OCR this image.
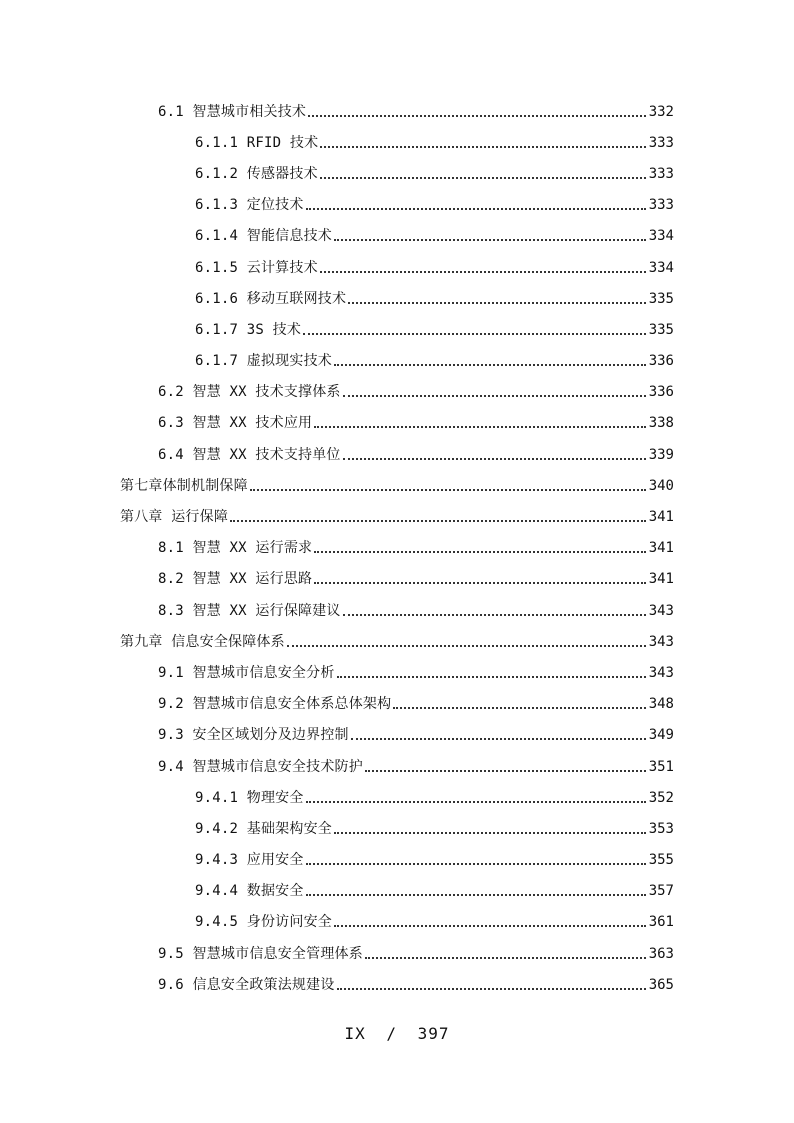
6.1 智慧城市相关技术	332
6.1.1 RFID 技术	333
6.1.2 传感器技术	333
6.1.3 定位技术	333
6.1.4 智能信息技术	334
6.1.5 云计算技术	334
6.1.6 移动互联网技术	335
6.1.7 3S 技术	335
6.1.7 虚拟现实技术	336
6.2 智慧 XX 技术支撑体系	336
6.3 智慧 XX 技术应用	338
6.4 智慧 XX 技术支持单位	339
第七章体制机制保障	340
第八章 运行保障	341
8.1 智慧 XX 运行需求	341
8.2 智慧 XX 运行思路	341
8.3 智慧 XX 运行保障建议	343
第九章 信息安全保障体系	343
9.1 智慧城市信息安全分析	343
9.2 智慧城市信息安全体系总体架构	348
9.3 安全区域划分及边界控制	349
9.4 智慧城市信息安全技术防护	351
9.4.1 物理安全	352
9.4.2 基础架构安全	353
9.4.3 应用安全	355
9.4.4 数据安全	357
9.4.5 身份访问安全	361
9.5 智慧城市信息安全管理体系	363
9.6 信息安全政策法规建设	365
IX / 397
